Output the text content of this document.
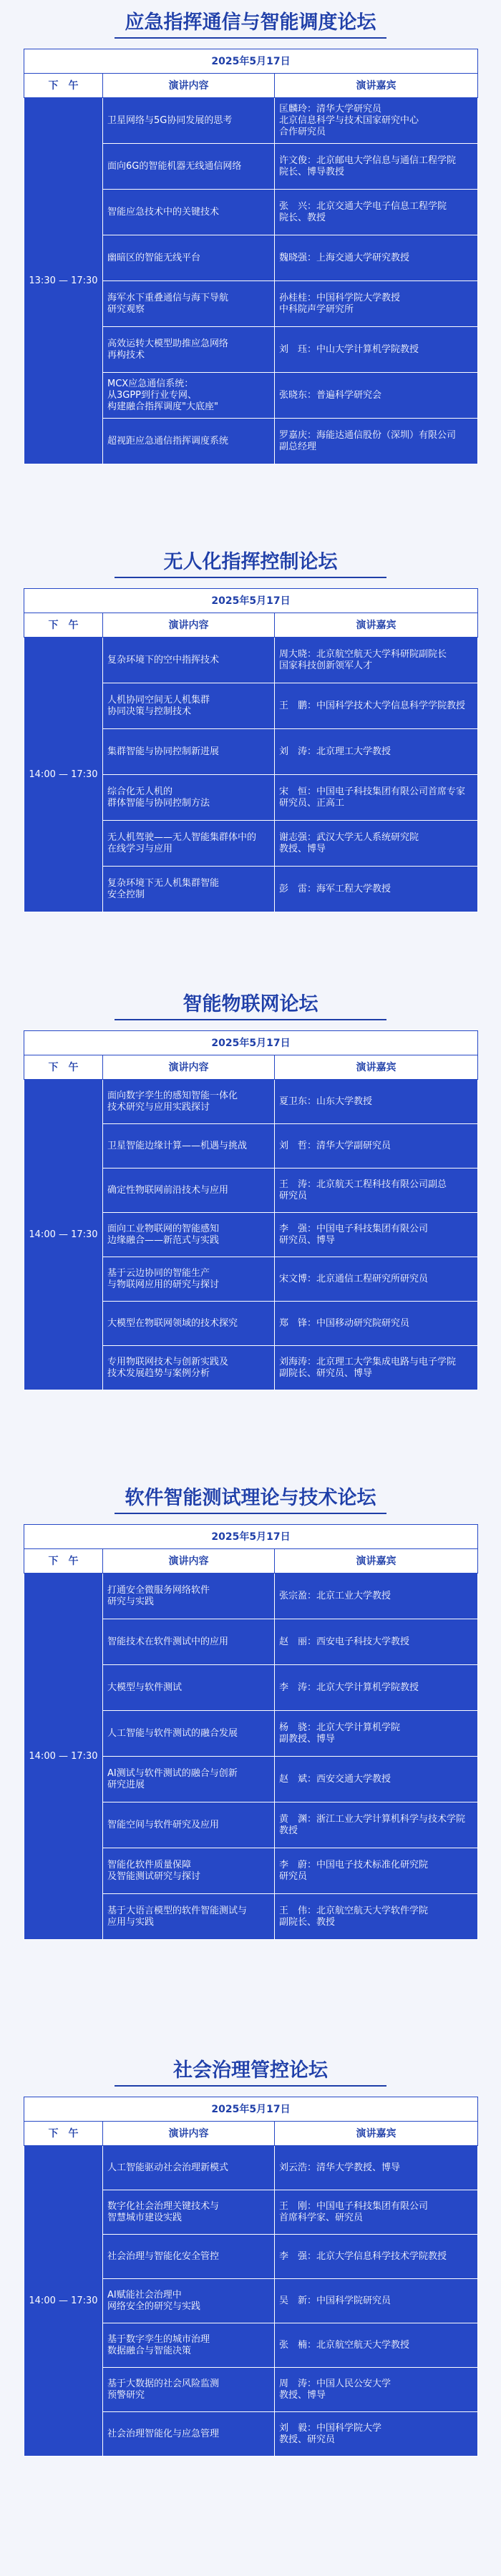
应急指挥通信与智能调度论坛
2025年5月17日		
下　午	演讲内容	演讲嘉宾
13:30 — 17:30	卫星网络与5G协同发展的思考	匡麟玲：清华大学研究员
北京信息科学与技术国家研究中心
合作研究员
	面向6G的智能机器无线通信网络	许文俊：北京邮电大学信息与通信工程学院
院长、博导教授
	智能应急技术中的关键技术	张　兴：北京交通大学电子信息工程学院
院长、教授
	幽暗区的智能无线平台	魏晓强：上海交通大学研究教授
	海军水下重叠通信与海下导航
研究观察	孙桂桂：中国科学院大学教授
中科院声学研究所
	高效运转大模型助推应急网络
再构技术	刘　珏：中山大学计算机学院教授
	MCX应急通信系统：
从3GPP到行业专网、
构建融合指挥调度"大底座"	张晓东：普遍科学研究会
	超视距应急通信指挥调度系统	罗嘉庆：海能达通信股份（深圳）有限公司
副总经理
无人化指挥控制论坛
2025年5月17日		
下　午	演讲内容	演讲嘉宾
14:00 — 17:30	复杂环境下的空中指挥技术	周大晓：北京航空航天大学科研院副院长
国家科技创新领军人才
	人机协同空间无人机集群
协同决策与控制技术	王　鹏：中国科学技术大学信息科学学院教授
	集群智能与协同控制新进展	刘　涛：北京理工大学教授
	综合化无人机的
群体智能与协同控制方法	宋　恒：中国电子科技集团有限公司首席专家
研究员、正高工
	无人机驾驶——无人智能集群体中的
在线学习与应用	谢志强：武汉大学无人系统研究院
教授、博导
	复杂环境下无人机集群智能
安全控制	彭　雷：海军工程大学教授
智能物联网论坛
2025年5月17日		
下　午	演讲内容	演讲嘉宾
14:00 — 17:30	面向数字孪生的感知智能一体化
技术研究与应用实践探讨	夏卫东：山东大学教授
	卫星智能边缘计算——机遇与挑战	刘　哲：清华大学副研究员
	确定性物联网前沿技术与应用	王　涛：北京航天工程科技有限公司副总
研究员
	面向工业物联网的智能感知
边缘融合——新范式与实践	李　强：中国电子科技集团有限公司
研究员、博导
	基于云边协同的智能生产
与物联网应用的研究与探讨	宋文博：北京通信工程研究所研究员
	大模型在物联网领域的技术探究	郑　锋：中国移动研究院研究员
	专用物联网技术与创新实践及
技术发展趋势与案例分析	刘海涛：北京理工大学集成电路与电子学院
副院长、研究员、博导
软件智能测试理论与技术论坛
2025年5月17日		
下　午	演讲内容	演讲嘉宾
14:00 — 17:30	打通安全微服务网络软件
研究与实践	张宗盈：北京工业大学教授
	智能技术在软件测试中的应用	赵　丽：西安电子科技大学教授
	大模型与软件测试	李　涛：北京大学计算机学院教授
	人工智能与软件测试的融合发展	杨　骁：北京大学计算机学院
副教授、博导
	AI测试与软件测试的融合与创新
研究进展	赵　斌：西安交通大学教授
	智能空间与软件研究及应用	黄　渊：浙江工业大学计算机科学与技术学院
教授
	智能化软件质量保障
及智能测试研究与探讨	李　蔚：中国电子技术标准化研究院
研究员
	基于大语言模型的软件智能测试与
应用与实践	王　伟：北京航空航天大学软件学院
副院长、教授
社会治理管控论坛
2025年5月17日		
下　午	演讲内容	演讲嘉宾
14:00 — 17:30	人工智能驱动社会治理新模式	刘云浩：清华大学教授、博导
	数字化社会治理关键技术与
智慧城市建设实践	王　刚：中国电子科技集团有限公司
首席科学家、研究员
	社会治理与智能化安全管控	李　强：北京大学信息科学技术学院教授
	AI赋能社会治理中
网络安全的研究与实践	吴　新：中国科学院研究员
	基于数字孪生的城市治理
数据融合与智能决策	张　楠：北京航空航天大学教授
	基于大数据的社会风险监测
预警研究	周　涛：中国人民公安大学
教授、博导
	社会治理智能化与应急管理	刘　毅：中国科学院大学
教授、研究员
